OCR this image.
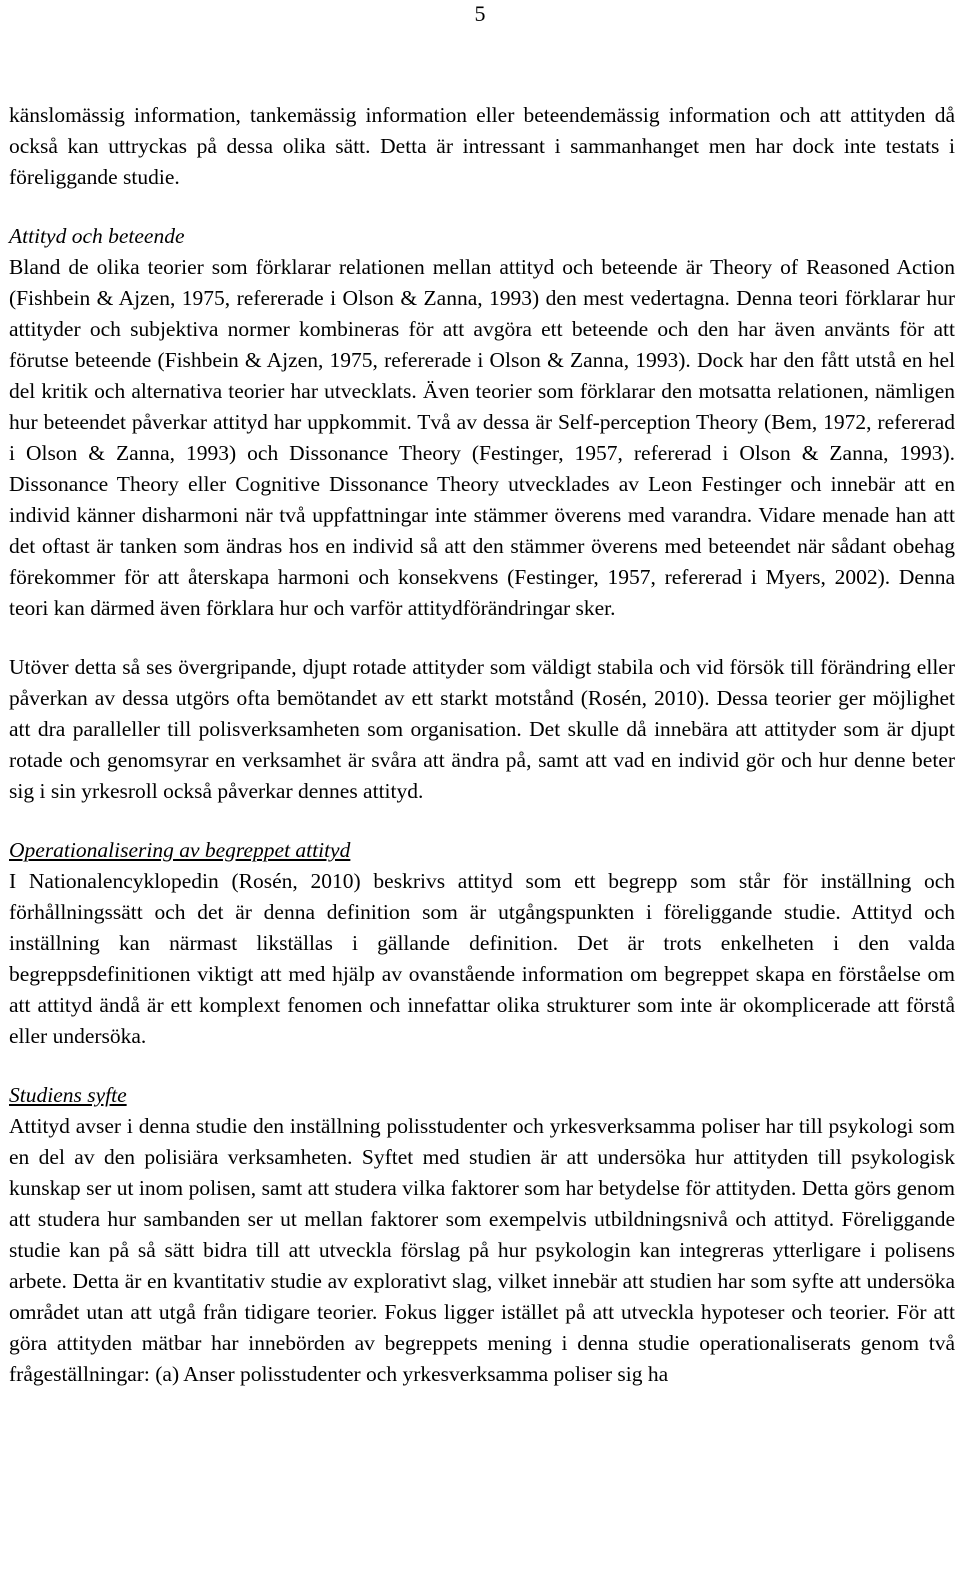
5

känslomässig information, tankemässig information eller beteendemässig information och att attityden då också kan uttryckas på dessa olika sätt. Detta är intressant i sammanhanget men har dock inte testats i föreliggande studie.

Attityd och beteende

Bland de olika teorier som förklarar relationen mellan attityd och beteende är Theory of Reasoned Action (Fishbein & Ajzen, 1975, refererade i Olson & Zanna, 1993) den mest vedertagna. Denna teori förklarar hur attityder och subjektiva normer kombineras för att avgöra ett beteende och den har även använts för att förutse beteende (Fishbein & Ajzen, 1975, refererade i Olson & Zanna, 1993). Dock har den fått utstå en hel del kritik och alternativa teorier har utvecklats. Även teorier som förklarar den motsatta relationen, nämligen hur beteendet påverkar attityd har uppkommit. Två av dessa är Self-perception Theory (Bem, 1972, refererad i Olson & Zanna, 1993) och Dissonance Theory (Festinger, 1957, refererad i Olson & Zanna, 1993). Dissonance Theory eller Cognitive Dissonance Theory utvecklades av Leon Festinger och innebär att en individ känner disharmoni när två uppfattningar inte stämmer överens med varandra. Vidare menade han att det oftast är tanken som ändras hos en individ så att den stämmer överens med beteendet när sådant obehag förekommer för att återskapa harmoni och konsekvens (Festinger, 1957, refererad i Myers, 2002). Denna teori kan därmed även förklara hur och varför attitydförändringar sker.

Utöver detta så ses övergripande, djupt rotade attityder som väldigt stabila och vid försök till förändring eller påverkan av dessa utgörs ofta bemötandet av ett starkt motstånd (Rosén, 2010). Dessa teorier ger möjlighet att dra paralleller till polisverksamheten som organisation. Det skulle då innebära att attityder som är djupt rotade och genomsyrar en verksamhet är svåra att ändra på, samt att vad en individ gör och hur denne beter sig i sin yrkesroll också påverkar dennes attityd.

Operationalisering av begreppet attityd

I Nationalencyklopedin (Rosén, 2010) beskrivs attityd som ett begrepp som står för inställning och förhållningssätt och det är denna definition som är utgångspunkten i föreliggande studie. Attityd och inställning kan närmast likställas i gällande definition. Det är trots enkelheten i den valda begreppsdefinitionen viktigt att med hjälp av ovanstående information om begreppet skapa en förståelse om att attityd ändå är ett komplext fenomen och innefattar olika strukturer som inte är okomplicerade att förstå eller undersöka.

Studiens syfte

Attityd avser i denna studie den inställning polisstudenter och yrkesverksamma poliser har till psykologi som en del av den polisiära verksamheten. Syftet med studien är att undersöka hur attityden till psykologisk kunskap ser ut inom polisen, samt att studera vilka faktorer som har betydelse för attityden. Detta görs genom att studera hur sambanden ser ut mellan faktorer som exempelvis utbildningsnivå och attityd. Föreliggande studie kan på så sätt bidra till att utveckla förslag på hur psykologin kan integreras ytterligare i polisens arbete. Detta är en kvantitativ studie av explorativt slag, vilket innebär att studien har som syfte att undersöka området utan att utgå från tidigare teorier. Fokus ligger istället på att utveckla hypoteser och teorier. För att göra attityden mätbar har innebörden av begreppets mening i denna studie operationaliserats genom två frågeställningar: (a) Anser polisstudenter och yrkesverksamma poliser sig ha
